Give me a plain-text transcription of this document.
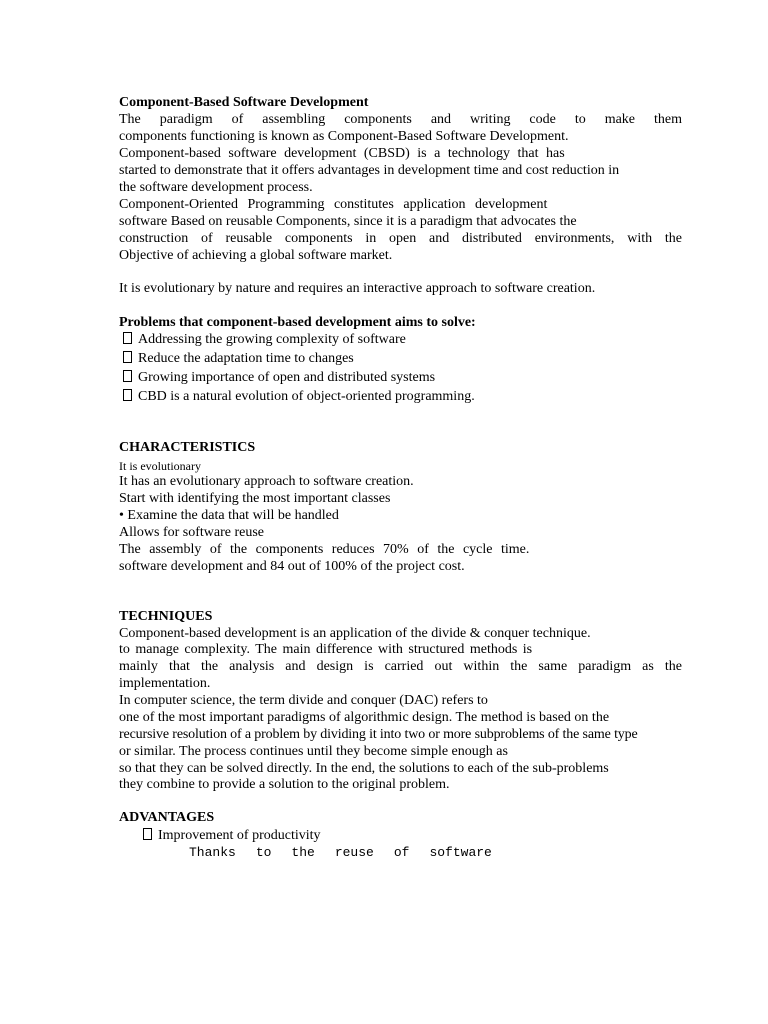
Component-Based Software Development
The paradigm of assembling components and writing code to make them
components functioning is known as Component-Based Software Development.
Component-based software development (CBSD) is a technology that has
started to demonstrate that it offers advantages in development time and cost reduction in
the software development process.
Component-Oriented Programming constitutes application development
software Based on reusable Components, since it is a paradigm that advocates the
construction of reusable components in open and distributed environments, with the
Objective of achieving a global software market.
It is evolutionary by nature and requires an interactive approach to software creation.
Problems that component-based development aims to solve:
Addressing the growing complexity of software
Reduce the adaptation time to changes
Growing importance of open and distributed systems
CBD is a natural evolution of object-oriented programming.
CHARACTERISTICS
It is evolutionary
It has an evolutionary approach to software creation.
Start with identifying the most important classes
• Examine the data that will be handled
Allows for software reuse
The assembly of the components reduces 70% of the cycle time.
software development and 84 out of 100% of the project cost.
TECHNIQUES
Component-based development is an application of the divide & conquer technique.
to manage complexity. The main difference with structured methods is
mainly that the analysis and design is carried out within the same paradigm as the
implementation.
In computer science, the term divide and conquer (DAC) refers to
one of the most important paradigms of algorithmic design. The method is based on the
recursive resolution of a problem by dividing it into two or more subproblems of the same type
or similar. The process continues until they become simple enough as
so that they can be solved directly. In the end, the solutions to each of the sub-problems
they combine to provide a solution to the original problem.
ADVANTAGES
Improvement of productivity
Thanks to the reuse of software
